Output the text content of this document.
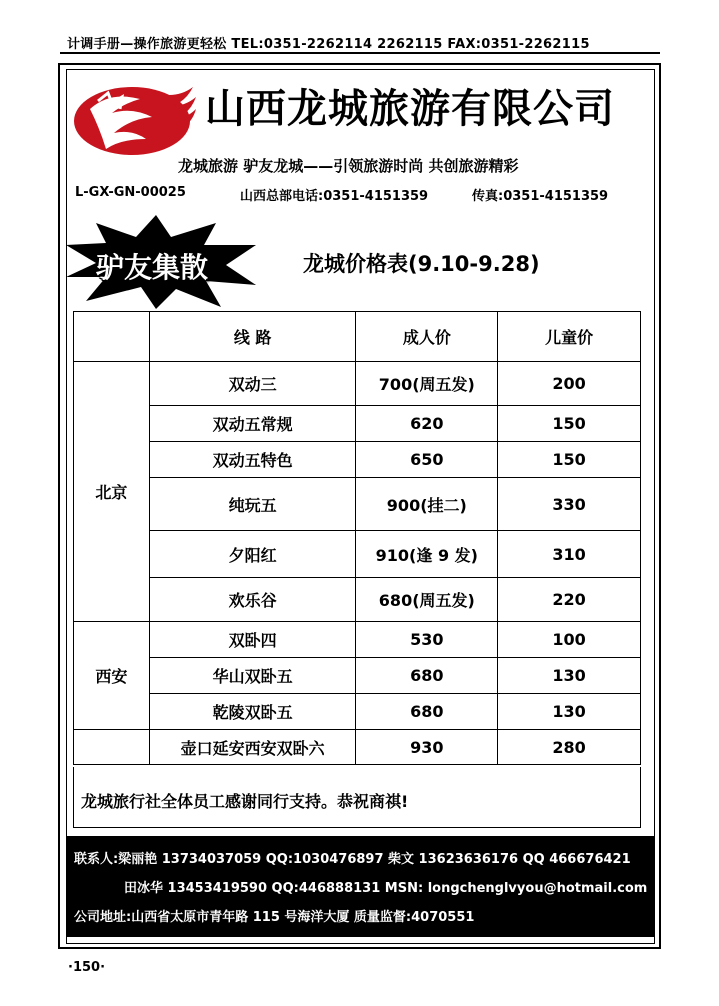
计调手册—操作旅游更轻松 TEL:0351-2262114 2262115 FAX:0351-2262115
山西龙城旅游有限公司
龙城旅游 驴友龙城——引领旅游时尚 共创旅游精彩
L-GX-GN-00025	山西总部电话:0351-4151359	传真:0351-4151359
驴友集散	龙城价格表(9.10-9.28)
	线 路	成人价	儿童价
北京	双动三	700(周五发)	200
	双动五常规	620	150
	双动五特色	650	150
	纯玩五	900(挂二)	330
	夕阳红	910(逢 9 发)	310
	欢乐谷	680(周五发)	220
西安	双卧四	530	100
	华山双卧五	680	130
	乾陵双卧五	680	130
	壶口延安西安双卧六	930	280
龙城旅行社全体员工感谢同行支持。恭祝商祺!
联系人:梁丽艳 13734037059 QQ:1030476897 柴文 13623636176 QQ 466676421
田冰华 13453419590 QQ:446888131 MSN: longchenglvyou@hotmail.com
公司地址:山西省太原市青年路 115 号海洋大厦 质量监督:4070551
·150·
